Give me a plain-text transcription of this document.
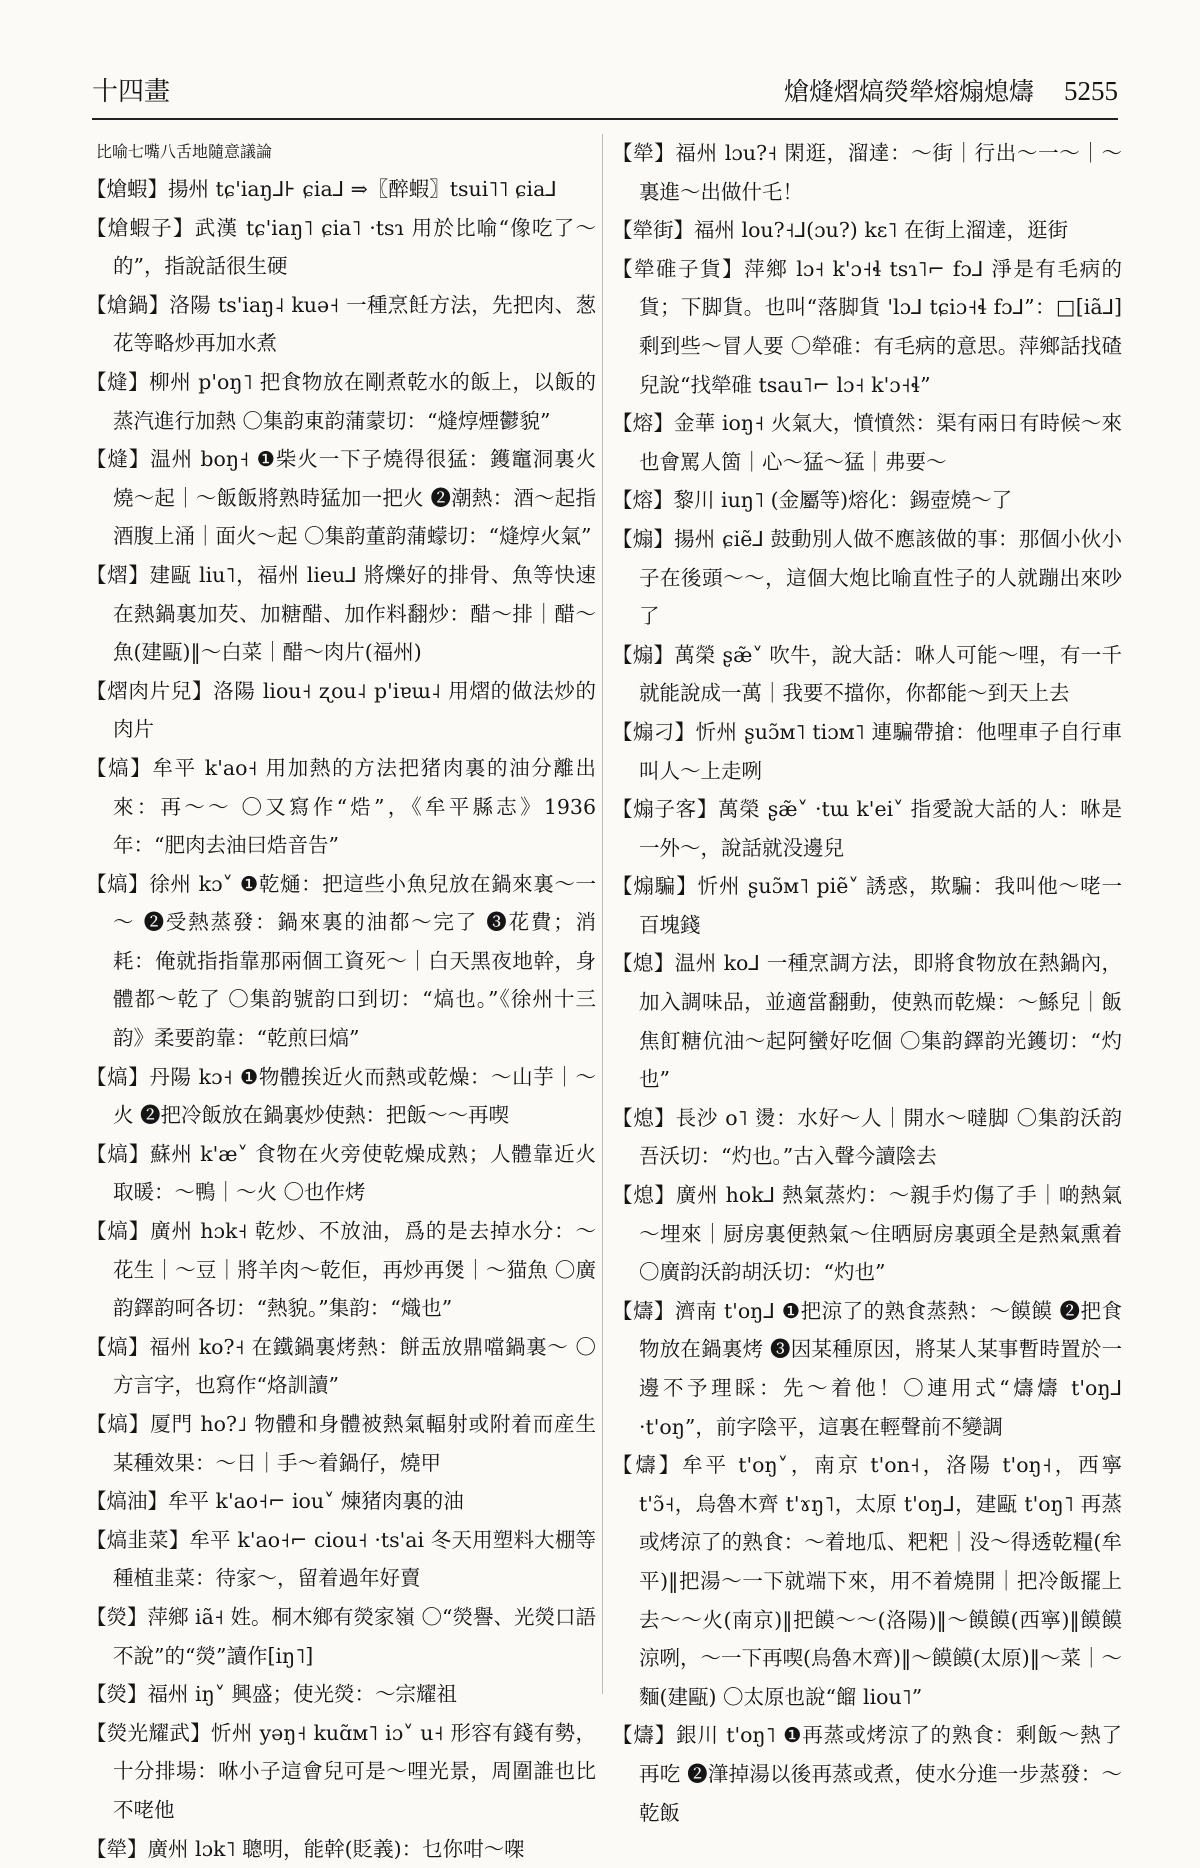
十四畫	熗熢熠熇熒犖熔煽熄燽 5255
比喻七嘴八舌地隨意議論

【熗蝦】揚州 tɕ'iaŋ⅃⊦ ɕia⅃ ⇒〖醉蝦〗tsui˥˥ ɕia⅃

【熗蝦子】武漢 tɕ'iaŋ˥ ɕia˥ ·tsɿ 用於比喻“像吃了～的”，指說話很生硬

【熗鍋】洛陽 ts'iaŋ˨ kuə˧ 一種烹飪方法，先把肉、葱花等略炒再加水煮

【熢】柳州 p'oŋ˥ 把食物放在剛煮乾水的飯上，以飯的蒸汽進行加熱 〇集韵東韵蒲蒙切：“熢焞煙鬱貌”

【熢】温州 boŋ˧ ❶柴火一下子燒得很猛：鑊竈洞裏火燒～起｜～飯飯將熟時猛加一把火 ❷潮熱：酒～起指酒腹上涌｜面火～起 〇集韵董韵蒲蠓切：“熢焞火氣”

【熠】建甌 liu˥，福州 lieu⅃ 將爍好的排骨、魚等快速在熱鍋裏加芡、加糖醋、加作料翻炒：醋～排｜醋～魚(建甌)‖～白菜｜醋～肉片(福州)

【熠肉片兒】洛陽 liou˧ ʐou˨ p'iɐɯ˨ 用熠的做法炒的肉片

【熇】牟平 k'ao˧ 用加熱的方法把猪肉裏的油分離出來：再～～ 〇又寫作“焅”，《牟平縣志》1936年：“肥肉去油曰焅音告”

【熇】徐州 kɔ˅ ❶乾熥：把這些小魚兒放在鍋來裏～一～ ❷受熱蒸發：鍋來裏的油都～完了 ❸花費；消耗：俺就指指靠那兩個工資死～｜白天黑夜地幹，身體都～乾了 〇集韵號韵口到切：“熇也。”《徐州十三韵》柔要韵靠：“乾煎曰熇”

【熇】丹陽 kɔ˧ ❶物體挨近火而熱或乾燥：～山芋｜～火 ❷把冷飯放在鍋裏炒使熱：把飯～～再喫

【熇】蘇州 k'æ˅ 食物在火旁使乾燥成熟；人體靠近火取暖：～鴨｜～火 〇也作烤

【熇】廣州 hɔk˧ 乾炒、不放油，爲的是去掉水分：～花生｜～豆｜將羊肉～乾佢，再炒再煲｜～猫魚 〇廣韵鐸韵呵各切：“熱貌。”集韵：“熾也”

【熇】福州 ko?˧ 在鐵鍋裏烤熱：餅㿻放鼎噹鍋裏～ 〇方言字，也寫作“烙訓讀”

【熇】厦門 ho?˩ 物體和身體被熱氣輻射或附着而産生某種效果：～日｜手～着鍋仔，燒甲

【熇油】牟平 k'ao˧⌐ iou˅ 煉猪肉裏的油

【熇韭菜】牟平 k'ao˧⌐ ciou˧ ·ts'ai 冬天用塑料大棚等種植韭菜：待家～，留着過年好賣

【熒】萍鄉 iã˧ 姓。桐木鄉有熒家嶺 〇“熒譽、光熒口語不說”的“熒”讀作[iŋ˥]

【熒】福州 iŋ˅ 興盛；使光熒：～宗耀祖

【熒光耀武】忻州 yəŋ˧ kuɑ̃ᴍ˥ iɔ˅ u˧ 形容有錢有勢，十分排場：咻小子這會兒可是～哩光景，周圍誰也比不咾他

【犖】廣州 lɔk˥ 聰明，能幹(貶義)：乜你咁～㗎

【犖】福州 lɔu?˧ 閑逛，溜達：～街｜行出～一～｜～裏進～出做什乇！

【犖街】福州 lou?˧⅃(ɔu?) kɛ˥ 在街上溜達，逛街

【犖碓子貨】萍鄉 lɔ˧ k'ɔ˧ɬ tsɿ˥⌐ fɔ⅃ 淨是有毛病的貨；下脚貨。也叫“落脚貨 'lɔ⅃ tɕiɔ˧ɬ fɔ⅃”：□[iã⅃]剩到些～冒人要 〇犖碓：有毛病的意思。萍鄉話找碴兒說“找犖碓 tsau˥⌐ lɔ˧ k'ɔ˧ɬ”

【熔】金華 ioŋ˧ 火氣大，憤憤然：渠有兩日有時候～來也會罵人箇｜心～猛～猛｜弗要～

【熔】黎川 iuŋ˥ (金屬等)熔化：錫壺燒～了

【煽】揚州 ɕiẽ⅃ 鼓動別人做不應該做的事：那個小伙小子在後頭～～，這個大炮比喻直性子的人就蹦出來吵了

【煽】萬榮 ʂæ̃˅ 吹牛，說大話：咻人可能～哩，有一千就能說成一萬｜我要不擋你，你都能～到天上去

【煽刁】忻州 ʂuɔ̃ᴍ˥ tiɔᴍ˥ 連騙帶搶：他哩車子自行車叫人～上走咧

【煽子客】萬榮 ʂæ̃˅ ·tɯ k'ei˅ 指愛說大話的人：咻是一外～，說話就没邊兒

【煽騙】忻州 ʂuɔ̃ᴍ˥ piẽ˅ 誘惑，欺騙：我叫他～咾一百塊錢

【熄】温州 ko⅃ 一種烹調方法，即將食物放在熱鍋內，加入調味品，並適當翻動，使熟而乾燥：～鯀兒｜飯焦飣糖伉油～起阿蠻好吃個 〇集韵鐸韵光鑊切：“灼也”

【熄】長沙 o˥ 燙：水好～人｜開水～噠脚 〇集韵沃韵吾沃切：“灼也。”古入聲今讀陰去

【熄】廣州 hok⅃ 熱氣蒸灼：～親手灼傷了手｜啲熱氣～埋來｜厨房裏便熱氣～住晒厨房裏頭全是熱氣熏着 〇廣韵沃韵胡沃切：“灼也”

【燽】濟南 t'oŋ⅃ ❶把涼了的熟食蒸熱：～饃饃 ❷把食物放在鍋裏烤 ❸因某種原因，將某人某事暫時置於一邊不予理睬：先～着他！〇連用式“燽燽 t'oŋ⅃ ·t'oŋ”，前字陰平，這裏在輕聲前不變調

【燽】牟平 t'oŋ˅，南京 t'on˧，洛陽 t'oŋ˧，西寧 t'ɔ̃˧，烏魯木齊 t'ɤŋ˥，太原 t'oŋ⅃，建甌 t'oŋ˥ 再蒸或烤涼了的熟食：～着地瓜、粑粑｜没～得透乾糧(牟平)‖把湯～一下就端下來，用不着燒開｜把冷飯擺上去～～火(南京)‖把饃～～(洛陽)‖～饃饃(西寧)‖饃饃涼咧，～一下再喫(烏魯木齊)‖～饃饃(太原)‖～菜｜～麵(建甌) 〇太原也說“餾 liou˥”

【燽】銀川 t'oŋ˥ ❶再蒸或烤涼了的熟食：剩飯～熱了再吃 ❷潷掉湯以後再蒸或煮，使水分進一步蒸發：～乾飯
